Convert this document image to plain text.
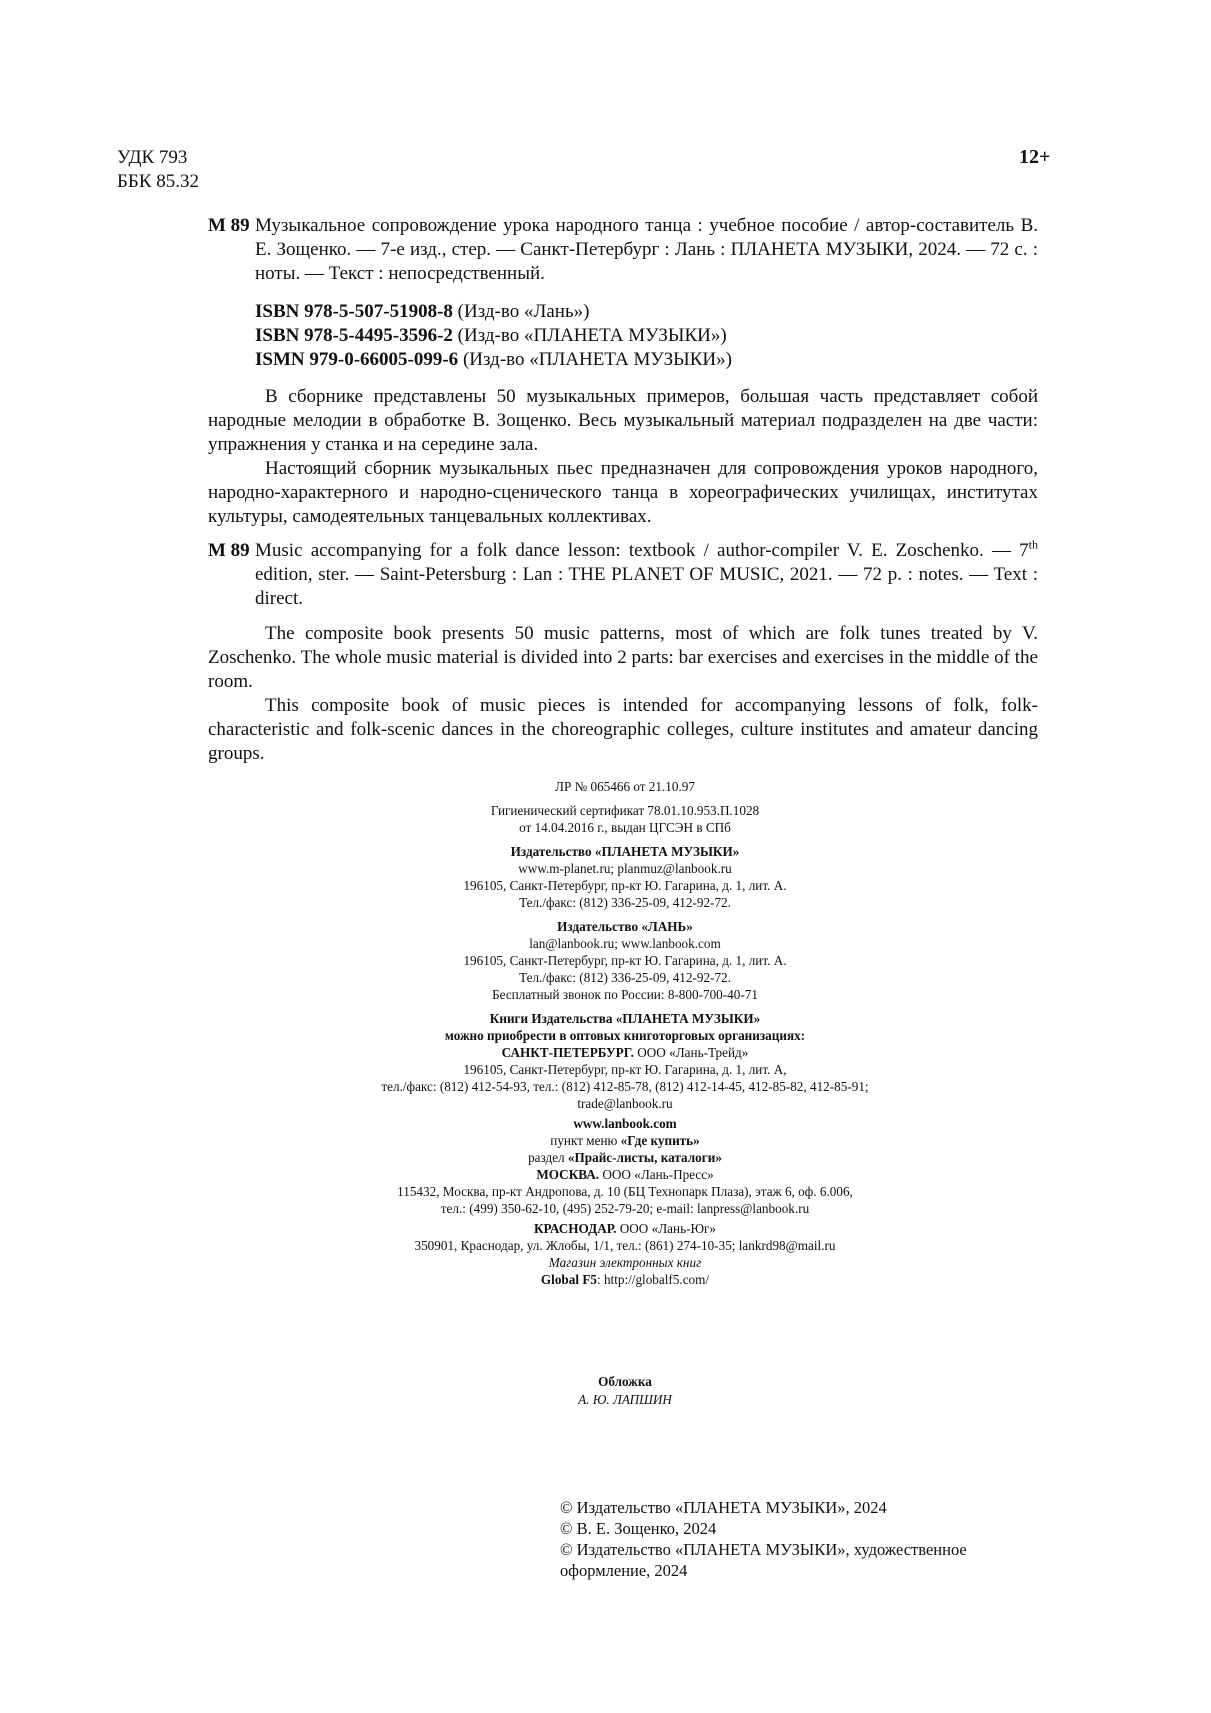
УДК 793
ББК 85.32
12+

М 89 Музыкальное сопровождение урока народного танца : учебное пособие / автор-составитель В. Е. Зощенко. — 7-е изд., стер. — Санкт-Петербург : Лань : ПЛАНЕТА МУЗЫКИ, 2024. — 72 с. : ноты. — Текст : непосредственный.

ISBN 978-5-507-51908-8 (Изд-во «Лань»)
ISBN 978-5-4495-3596-2 (Изд-во «ПЛАНЕТА МУЗЫКИ»)
ISMN 979-0-66005-099-6 (Изд-во «ПЛАНЕТА МУЗЫКИ»)

В сборнике представлены 50 музыкальных примеров, большая часть представляет собой народные мелодии в обработке В. Зощенко. Весь музыкальный материал подразделен на две части: упражнения у станка и на середине зала.

Настоящий сборник музыкальных пьес предназначен для сопровождения уроков народного, народно-характерного и народно-сценического танца в хореографических училищах, институтах культуры, самодеятельных танцевальных коллективах.

М 89 Music accompanying for a folk dance lesson: textbook / author-compiler V. E. Zoschenko. — 7th edition, ster. — Saint-Petersburg : Lan : THE PLANET OF MUSIC, 2021. — 72 p. : notes. — Text : direct.

The composite book presents 50 music patterns, most of which are folk tunes treated by V. Zoschenko. The whole music material is divided into 2 parts: bar exercises and exercises in the middle of the room.

This composite book of music pieces is intended for accompanying lessons of folk, folk-characteristic and folk-scenic dances in the choreographic colleges, culture institutes and amateur dancing groups.

ЛР № 065466 от 21.10.97
Гигиенический сертификат 78.01.10.953.П.1028
от 14.04.2016 г., выдан ЦГСЭН в СПб
Издательство «ПЛАНЕТА МУЗЫКИ»
www.m-planet.ru; planmuz@lanbook.ru
196105, Санкт-Петербург, пр-кт Ю. Гагарина, д. 1, лит. А.
Тел./факс: (812) 336-25-09, 412-92-72.
Издательство «ЛАНЬ»
lan@lanbook.ru; www.lanbook.com
196105, Санкт-Петербург, пр-кт Ю. Гагарина, д. 1, лит. А.
Тел./факс: (812) 336-25-09, 412-92-72.
Бесплатный звонок по России: 8-800-700-40-71
Книги Издательства «ПЛАНЕТА МУЗЫКИ»
можно приобрести в оптовых книготорговых организациях:
САНКТ-ПЕТЕРБУРГ. ООО «Лань-Трейд»
196105, Санкт-Петербург, пр-кт Ю. Гагарина, д. 1, лит. А,
тел./факс: (812) 412-54-93, тел.: (812) 412-85-78, (812) 412-14-45, 412-85-82, 412-85-91;
trade@lanbook.ru
www.lanbook.com
пункт меню «Где купить»
раздел «Прайс-листы, каталоги»
МОСКВА. ООО «Лань-Пресс»
115432, Москва, пр-кт Андропова, д. 10 (БЦ Технопарк Плаза), этаж 6, оф. 6.006,
тел.: (499) 350-62-10, (495) 252-79-20; e-mail: lanpress@lanbook.ru
КРАСНОДАР. ООО «Лань-Юг»
350901, Краснодар, ул. Жлобы, 1/1, тел.: (861) 274-10-35; lankrd98@mail.ru
Магазин электронных книг
Global F5: http://globalf5.com/
Обложка
А. Ю. ЛАПШИН
© Издательство «ПЛАНЕТА МУЗЫКИ», 2024
© В. Е. Зощенко, 2024
© Издательство «ПЛАНЕТА МУЗЫКИ», художественное оформление, 2024
